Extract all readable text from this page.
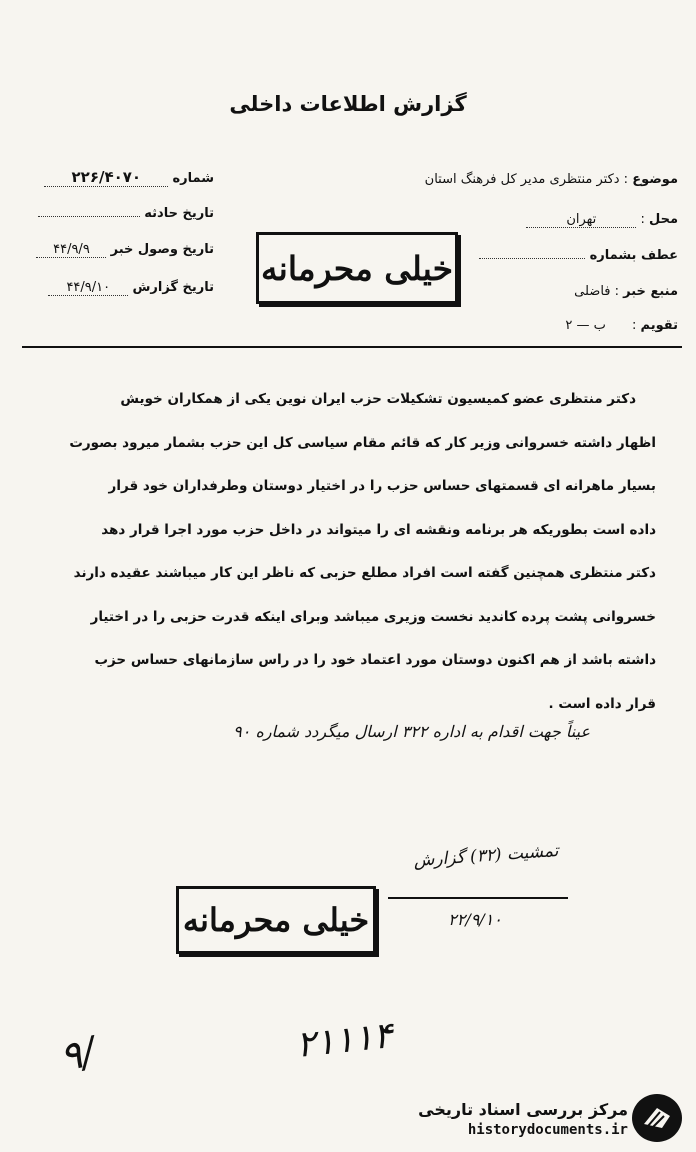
گزارش اطلاعات داخلی
شماره ۲۲۶/۴۰۷۰
تاریخ حادثه
تاریخ وصول خبر ۴۴/۹/۹
تاریخ گزارش ۴۴/۹/۱۰
موضوع : دکتر منتظری مدیر کل فرهنگ استان
محل : تهران
عطف بشماره
منبع خبر : فاضلی
تقویم : ب — ۲
خیلی محرمانه

دکتر منتظری عضو کمیسیون تشکیلات حزب ایران نوین یکی از همکاران خویش

اظهار داشته خسروانی وزیر کار که قائم مقام سیاسی کل این حزب بشمار میرود بصورت

بسیار ماهرانه ای قسمتهای حساس حزب را در اختیار دوستان وطرفداران خود قرار

داده است بطوریکه هر برنامه ونقشه ای را میتواند در داخل حزب مورد اجرا قرار دهد

دکتر منتظری همچنین گفته است افراد مطلع حزبی که ناظر این کار میباشند عقیده دارند

خسروانی پشت پرده کاندید نخست وزیری میباشد وبرای اینکه قدرت حزبی را در اختیار

داشته باشد از هم اکنون دوستان مورد اعتماد خود را در راس سازمانهای حساس حزب

قرار داده است .

عیناً جهت اقدام به اداره ۳۲۲ ارسال میگردد شماره ۹۰
تمشیت (۳۲) گزارش
۲۲/۹/۱۰
خیلی محرمانه
۹/	۲۱۱۱۴
مرکز بررسی اسناد تاریخی
historydocuments.ir
